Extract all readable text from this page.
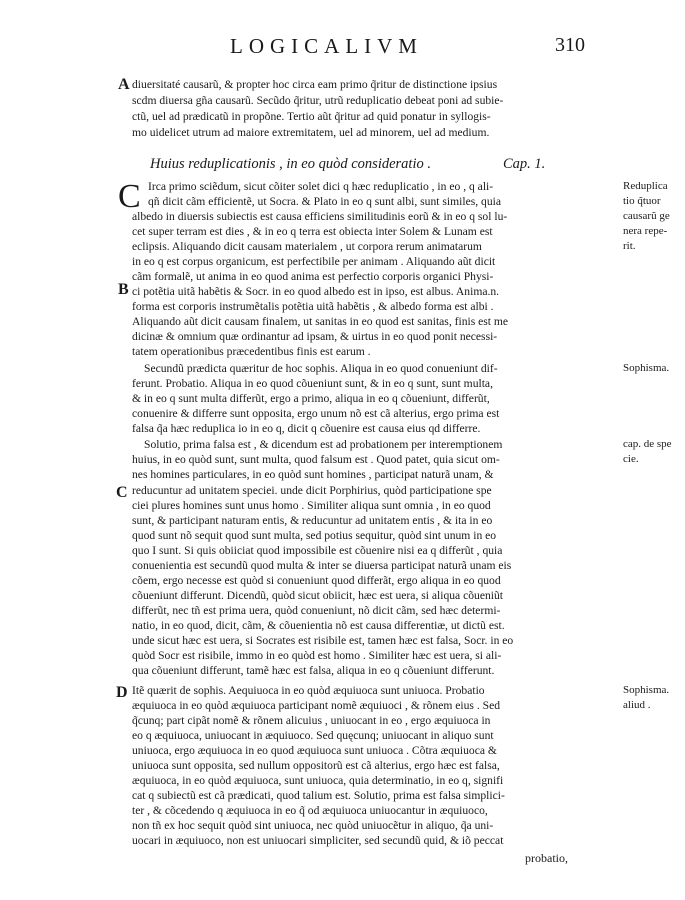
LOGICALIVM	310
A
B
C
D
diuersitaté causarũ, & propter hoc circa eam primo q̃ritur de distinctione ipsius
scdm diuersa gña causarũ. Secũdo q̃ritur, utrũ reduplicatio debeat poni ad subie-
ctũ, uel ad prædicatũ in propõne. Tertio aũt q̃ritur ad quid ponatur in syllogis-
mo uidelicet utrum ad maiore extremitatem, uel ad minorem, uel ad medium.
Huius reduplicationis , in eo quòd consideratio .	Cap. 1.
C Irca primo sciẽdum, sicut cõiter solet dici q hæc reduplicatio , in eo , q ali-
qñ dicit cãm efficientẽ, ut Socra. & Plato in eo q sunt albi, sunt similes, quia
albedo in diuersis subiectis est causa efficiens similitudinis eorũ & in eo q sol lu-
cet super terram est dies , & in eo q terra est obiecta inter Solem & Lunam est
eclipsis. Aliquando dicit causam materialem , ut corpora rerum animatarum
in eo q est corpus organicum, est perfectibile per animam . Aliquando aũt dicit
cãm formalẽ, ut anima in eo quod anima est perfectio corporis organici Physi-
ci potẽtia uitã habẽtis & Socr. in eo quod albedo est in ipso, est albus. Anima.n.
forma est corporis instrumẽtalis potẽtia uitã habẽtis , & albedo forma est albi .
Aliquando aũt dicit causam finalem, ut sanitas in eo quod est sanitas, finis est me
dicinæ & omnium quæ ordinantur ad ipsam, & uirtus in eo quod ponit necessi-
tatem operationibus præcedentibus finis est earum .
Secundũ prædicta quæritur de hoc sophis. Aliqua in eo quod conueniunt dif-
ferunt. Probatio. Aliqua in eo quod cõueniunt sunt, & in eo q sunt, sunt multa,
& in eo q sunt multa differũt, ergo a primo, aliqua in eo q cõueniunt, differũt,
conuenire & differre sunt opposita, ergo unum nõ est cã alterius, ergo prima est
falsa q̃a hæc reduplica io in eo q, dicit q cõuenire est causa eius qd differre.
Solutio, prima falsa est , & dicendum est ad probationem per interemptionem
huius, in eo quòd sunt, sunt multa, quod falsum est . Quod patet, quia sicut om-
nes homines particulares, in eo quòd sunt homines , participat naturã unam, &
reducuntur ad unitatem speciei. unde dicit Porphirius, quòd participatione spe
ciei plures homines sunt unus homo . Similiter aliqua sunt omnia , in eo quod
sunt, & participant naturam entis, & reducuntur ad unitatem entis , & ita in eo
quod sunt nõ sequit quod sunt multa, sed potius sequitur, quòd sint unum in eo
quo I sunt. Si quis obiiciat quod impossibile est cõuenire nisi ea q differũt , quia
conuenientia est secundũ quod multa & inter se diuersa participat naturã unam eis
cõem, ergo necesse est quòd si conueniunt quod differãt, ergo aliqua in eo quod
cõueniunt differunt. Dicendũ, quòd sicut obiicit, hæc est uera, si aliqua cõueniũt
differũt, nec tñ est prima uera, quòd conueniunt, nõ dicit cãm, sed hæc determi-
natio, in eo quod, dicit, cãm, & cõuenientia nõ est causa differentiæ, ut dictũ est.
unde sicut hæc est uera, si Socrates est risibile est, tamen hæc est falsa, Socr. in eo
quòd Socr est risibile, immo in eo quòd est homo . Similiter hæc est uera, si ali-
qua cõueniunt differunt, tamẽ hæc est falsa, aliqua in eo q cõueniunt differunt.
Itẽ quærit de sophis. Aequiuoca in eo quòd æquiuoca sunt uniuoca. Probatio
æquiuoca in eo quòd æquiuoca participant nomẽ æquiuoci , & rõnem eius . Sed
q̃cunq; part cipãt nomẽ & rõnem alicuius , uniuocant in eo , ergo æquiuoca in
eo q æquiuoca, uniuocant in æquiuoco. Sed quęcunq; uniuocant in aliquo sunt
uniuoca, ergo æquiuoca in eo quod æquiuoca sunt uniuoca . Cõtra æquiuoca &
uniuoca sunt opposita, sed nullum oppositorũ est cã alterius, ergo hæc est falsa,
æquiuoca, in eo quòd æquiuoca, sunt uniuoca, quia determinatio, in eo q, signifi
cat q subiectũ est cã prædicati, quod talium est. Solutio, prima est falsa simplici-
ter , & cõcedendo q æquiuoca in eo q̃ od æquiuoca uniuocantur in æquiuoco,
non tñ ex hoc sequit quòd sint uniuoca, nec quòd uniuocẽtur in aliquo, q̃a uni-
uocari in æquiuoco, non est uniuocari simpliciter, sed secundũ quid, & iõ peccat
probatio,
Reduplica
tio q̃tuor
causarũ ge
nera repe-
rit.
Sophisma.
cap. de spe
cie.
Sophisma.
aliud .
